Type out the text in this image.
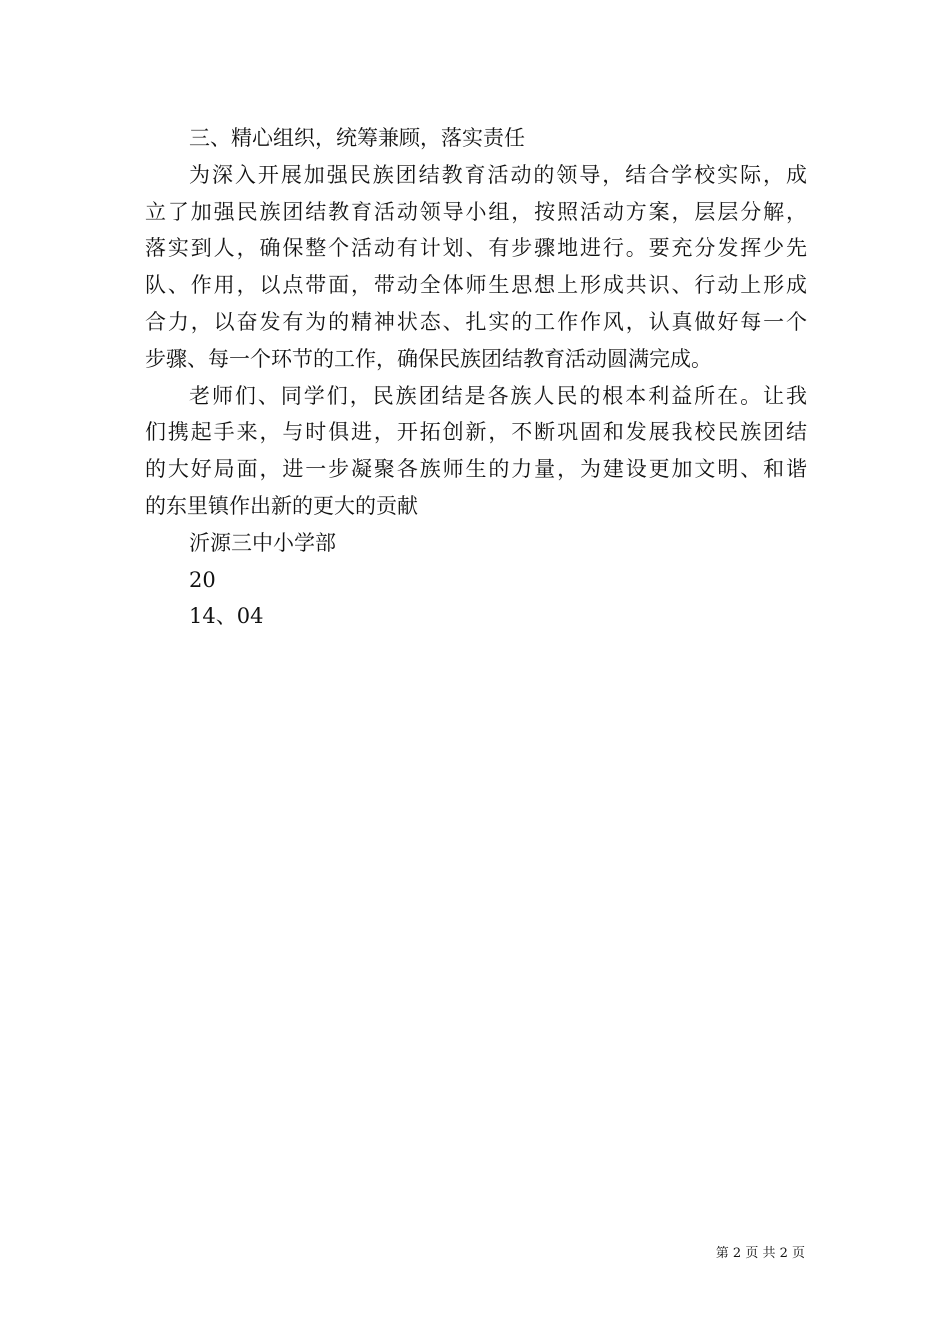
三、精心组织，统筹兼顾，落实责任

为深入开展加强民族团结教育活动的领导，结合学校实际，成

立了加强民族团结教育活动领导小组，按照活动方案，层层分解，

落实到人，确保整个活动有计划、有步骤地进行。要充分发挥少先

队、作用，以点带面，带动全体师生思想上形成共识、行动上形成

合力，以奋发有为的精神状态、扎实的工作作风，认真做好每一个

步骤、每一个环节的工作，确保民族团结教育活动圆满完成。

老师们、同学们，民族团结是各族人民的根本利益所在。让我

们携起手来，与时俱进，开拓创新，不断巩固和发展我校民族团结

的大好局面，进一步凝聚各族师生的力量，为建设更加文明、和谐

的东里镇作出新的更大的贡献

沂源三中小学部

20

14、04

第 2 页 共 2 页
